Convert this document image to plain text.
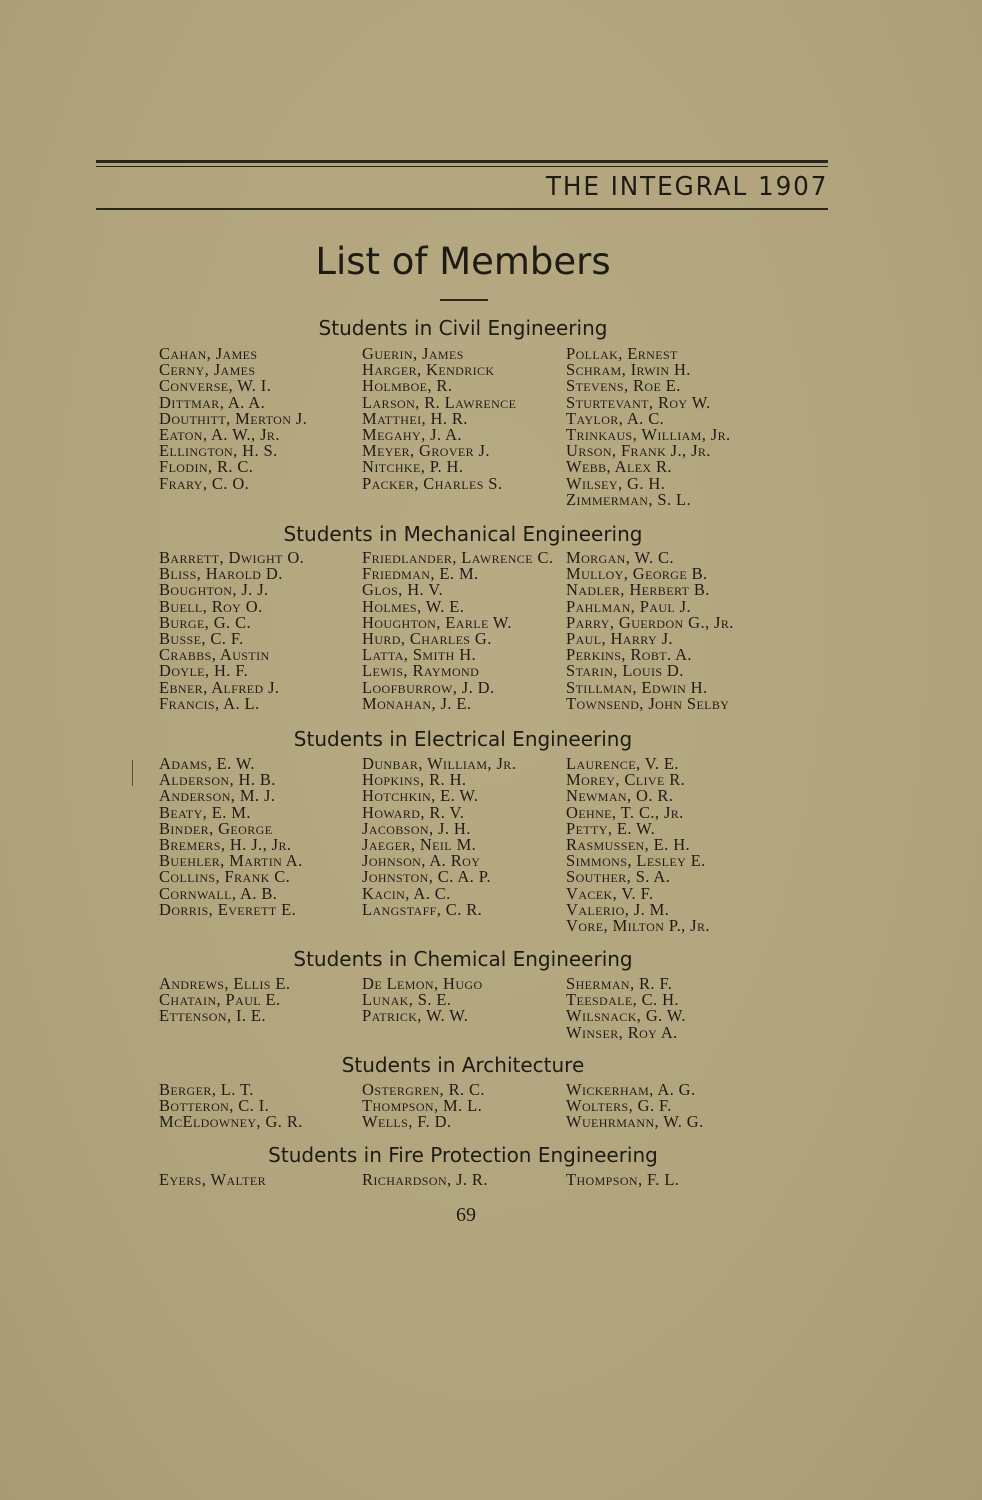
THE INTEGRAL 1907
List of Members
Students in Civil Engineering
Cahan, James
Cerny, James
Converse, W. I.
Dittmar, A. A.
Douthitt, Merton J.
Eaton, A. W., Jr.
Ellington, H. S.
Flodin, R. C.
Frary, C. O.
Guerin, James
Harger, Kendrick
Holmboe, R.
Larson, R. Lawrence
Matthei, H. R.
Megahy, J. A.
Meyer, Grover J.
Nitchke, P. H.
Packer, Charles S.
Pollak, Ernest
Schram, Irwin H.
Stevens, Roe E.
Sturtevant, Roy W.
Taylor, A. C.
Trinkaus, William, Jr.
Urson, Frank J., Jr.
Webb, Alex R.
Wilsey, G. H.
Zimmerman, S. L.
Students in Mechanical Engineering
Barrett, Dwight O.
Bliss, Harold D.
Boughton, J. J.
Buell, Roy O.
Burge, G. C.
Busse, C. F.
Crabbs, Austin
Doyle, H. F.
Ebner, Alfred J.
Francis, A. L.
Friedlander, Lawrence C.
Friedman, E. M.
Glos, H. V.
Holmes, W. E.
Houghton, Earle W.
Hurd, Charles G.
Latta, Smith H.
Lewis, Raymond
Loofburrow, J. D.
Monahan, J. E.
Morgan, W. C.
Mulloy, George B.
Nadler, Herbert B.
Pahlman, Paul J.
Parry, Guerdon G., Jr.
Paul, Harry J.
Perkins, Robt. A.
Starin, Louis D.
Stillman, Edwin H.
Townsend, John Selby
Students in Electrical Engineering
Adams, E. W.
Alderson, H. B.
Anderson, M. J.
Beaty, E. M.
Binder, George
Bremers, H. J., Jr.
Buehler, Martin A.
Collins, Frank C.
Cornwall, A. B.
Dorris, Everett E.
Dunbar, William, Jr.
Hopkins, R. H.
Hotchkin, E. W.
Howard, R. V.
Jacobson, J. H.
Jaeger, Neil M.
Johnson, A. Roy
Johnston, C. A. P.
Kacin, A. C.
Langstaff, C. R.
Laurence, V. E.
Morey, Clive R.
Newman, O. R.
Oehne, T. C., Jr.
Petty, E. W.
Rasmussen, E. H.
Simmons, Lesley E.
Souther, S. A.
Vacek, V. F.
Valerio, J. M.
Vore, Milton P., Jr.
Students in Chemical Engineering
Andrews, Ellis E.
Chatain, Paul E.
Ettenson, I. E.
De Lemon, Hugo
Lunak, S. E.
Patrick, W. W.
Sherman, R. F.
Teesdale, C. H.
Wilsnack, G. W.
Winser, Roy A.
Students in Architecture
Berger, L. T.
Botteron, C. I.
McEldowney, G. R.
Ostergren, R. C.
Thompson, M. L.
Wells, F. D.
Wickerham, A. G.
Wolters, G. F.
Wuehrmann, W. G.
Students in Fire Protection Engineering
Eyers, Walter	Richardson, J. R.	Thompson, F. L.
69
